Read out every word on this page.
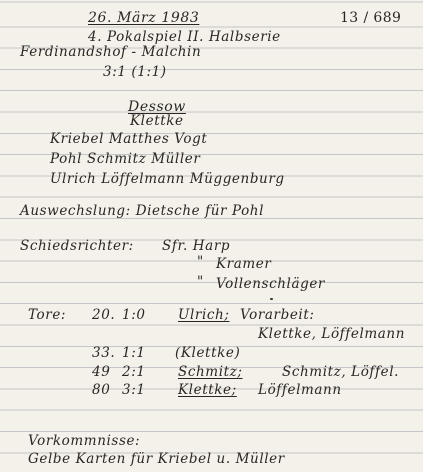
26. März 1983	13 / 689
4. Pokalspiel II. Halbserie
Ferdinandshof - Malchin
3:1 (1:1)
Dessow
Klettke
Kriebel Matthes Vogt
Pohl Schmitz Müller
Ulrich Löffelmann Müggenburg
Auswechslung: Dietsche für Pohl
Schiedsrichter: Sfr. Harp
" Kramer
" Vollenschläger
Tore: 20. 1:0 Ulrich; Vorarbeit:
Klettke, Löffelmann
33. 1:1 (Klettke)
49 2:1 Schmitz;	Schmitz, Löffel.
80 3:1 Klettke; Löffelmann
Vorkommnisse:
Gelbe Karten für Kriebel u. Müller
